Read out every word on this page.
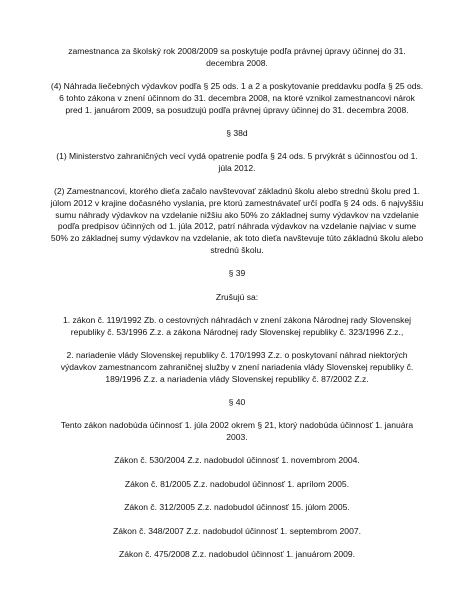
zamestnanca za školský rok 2008/2009 sa poskytuje podľa právnej úpravy účinnej do 31. decembra 2008.

(4) Náhrada liečebných výdavkov podľa § 25 ods. 1 a 2 a poskytovanie preddavku podľa § 25 ods. 6 tohto zákona v znení účinnom do 31. decembra 2008, na ktoré vznikol zamestnancovi nárok pred 1. januárom 2009, sa posudzujú podľa právnej úpravy účinnej do 31. decembra 2008.

§ 38d

(1) Ministerstvo zahraničných vecí vydá opatrenie podľa § 24 ods. 5 prvýkrát s účinnosťou od 1. júla 2012.

(2) Zamestnancovi, ktorého dieťa začalo navštevovať základnú školu alebo strednú školu pred 1. júlom 2012 v krajine dočasného vyslania, pre ktorú zamestnávateľ určí podľa § 24 ods. 6 najvyššiu sumu náhrady výdavkov na vzdelanie nižšiu ako 50% zo základnej sumy výdavkov na vzdelanie podľa predpisov účinných od 1. júla 2012, patrí náhrada výdavkov na vzdelanie najviac v sume 50% zo základnej sumy výdavkov na vzdelanie, ak toto dieťa navštevuje túto základnú školu alebo strednú školu.

§ 39

Zrušujú sa:

1. zákon č. 119/1992 Zb. o cestovných náhradách v znení zákona Národnej rady Slovenskej republiky č. 53/1996 Z.z. a zákona Národnej rady Slovenskej republiky č. 323/1996 Z.z.,

2. nariadenie vlády Slovenskej republiky č. 170/1993 Z.z. o poskytovaní náhrad niektorých výdavkov zamestnancom zahraničnej služby v znení nariadenia vlády Slovenskej republiky č. 189/1996 Z.z. a nariadenia vlády Slovenskej republiky č. 87/2002 Z.z.

§ 40

Tento zákon nadobúda účinnosť 1. júla 2002 okrem § 21, ktorý nadobúda účinnosť 1. januára 2003.

Zákon č. 530/2004 Z.z. nadobudol účinnosť 1. novembrom 2004.

Zákon č. 81/2005 Z.z. nadobudol účinnosť 1. aprílom 2005.

Zákon č. 312/2005 Z.z. nadobudol účinnosť 15. júlom 2005.

Zákon č. 348/2007 Z.z. nadobudol účinnosť 1. septembrom 2007.

Zákon č. 475/2008 Z.z. nadobudol účinnosť 1. januárom 2009.
